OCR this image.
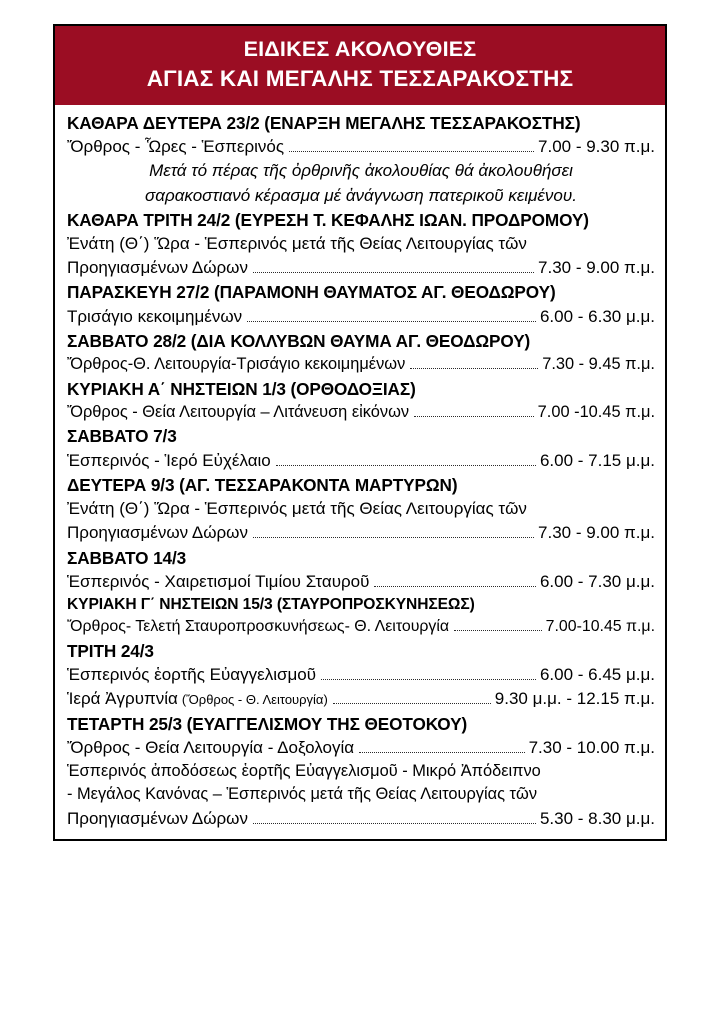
ΕΙΔΙΚΕΣ ΑΚΟΛΟΥΘΙΕΣ
ΑΓΙΑΣ ΚΑΙ ΜΕΓΑΛΗΣ ΤΕΣΣΑΡΑΚΟΣΤΗΣ
ΚΑΘΑΡΑ ΔΕΥΤΕΡΑ 23/2 (ΕΝΑΡΞΗ ΜΕΓΑΛΗΣ ΤΕΣΣΑΡΑΚΟΣΤΗΣ)
Ὄρθρος - Ὧρες - Ἑσπερινός	7.00 - 9.30 π.μ.
Μετά τό πέρας τῆς ὀρθρινῆς ἀκολουθίας θά ἀκολουθήσει
σαρακοστιανό κέρασμα μέ ἀνάγνωση πατερικοῦ κειμένου.
ΚΑΘΑΡΑ ΤΡΙΤΗ 24/2 (ΕΥΡΕΣΗ Τ. ΚΕΦΑΛΗΣ ΙΩΑΝ. ΠΡΟΔΡΟΜΟΥ)
Ἐνάτη (Θ΄) Ὥρα - Ἑσπερινός μετά τῆς Θείας Λειτουργίας τῶν
Προηγιασμένων Δώρων	7.30 - 9.00 π.μ.
ΠΑΡΑΣΚΕΥΗ 27/2 (ΠΑΡΑΜΟΝΗ ΘΑΥΜΑΤΟΣ ΑΓ. ΘΕΟΔΩΡΟΥ)
Τρισάγιο κεκοιμημένων	6.00 - 6.30 μ.μ.
ΣΑΒΒΑΤΟ 28/2 (ΔΙΑ ΚΟΛΛΥΒΩΝ ΘΑΥΜΑ ΑΓ. ΘΕΟΔΩΡΟΥ)
Ὄρθρος-Θ. Λειτουργία-Τρισάγιο κεκοιμημένων	7.30 - 9.45 π.μ.
ΚΥΡΙΑΚΗ Α΄ ΝΗΣΤΕΙΩΝ 1/3 (ΟΡΘΟΔΟΞΙΑΣ)
Ὄρθρος - Θεία Λειτουργία – Λιτάνευση εἰκόνων	7.00 -10.45 π.μ.
ΣΑΒΒΑΤΟ 7/3
Ἑσπερινός - Ἱερό Εὐχέλαιο	6.00 - 7.15 μ.μ.
ΔΕΥΤΕΡΑ 9/3 (ΑΓ. ΤΕΣΣΑΡΑΚΟΝΤΑ ΜΑΡΤΥΡΩΝ)
Ἐνάτη (Θ΄) Ὥρα - Ἑσπερινός μετά τῆς Θείας Λειτουργίας τῶν
Προηγιασμένων Δώρων	7.30 - 9.00 π.μ.
ΣΑΒΒΑΤΟ 14/3
Ἑσπερινός - Χαιρετισμοί Τιμίου Σταυροῦ	6.00 - 7.30 μ.μ.
ΚΥΡΙΑΚΗ Γ΄ ΝΗΣΤΕΙΩΝ 15/3 (ΣΤΑΥΡΟΠΡΟΣΚΥΝΗΣΕΩΣ)
Ὄρθρος- Τελετή Σταυροπροσκυνήσεως- Θ. Λειτουργία	7.00-10.45 π.μ.
ΤΡΙΤΗ 24/3
Ἑσπερινός ἑορτῆς Εὐαγγελισμοῦ	6.00 - 6.45 μ.μ.
Ἱερά Ἀγρυπνία (Ὄρθρος - Θ. Λειτουργία)	9.30 μ.μ. - 12.15 π.μ.
ΤΕΤΑΡΤΗ 25/3 (ΕΥΑΓΓΕΛΙΣΜΟΥ ΤΗΣ ΘΕΟΤΟΚΟΥ)
Ὄρθρος - Θεία Λειτουργία - Δοξολογία	7.30 - 10.00 π.μ.
Ἑσπερινός ἀποδόσεως ἑορτῆς Εὐαγγελισμοῦ - Μικρό Ἀπόδειπνο
- Μεγάλος Κανόνας – Ἑσπερινός μετά τῆς Θείας Λειτουργίας τῶν
Προηγιασμένων Δώρων	5.30 - 8.30 μ.μ.
